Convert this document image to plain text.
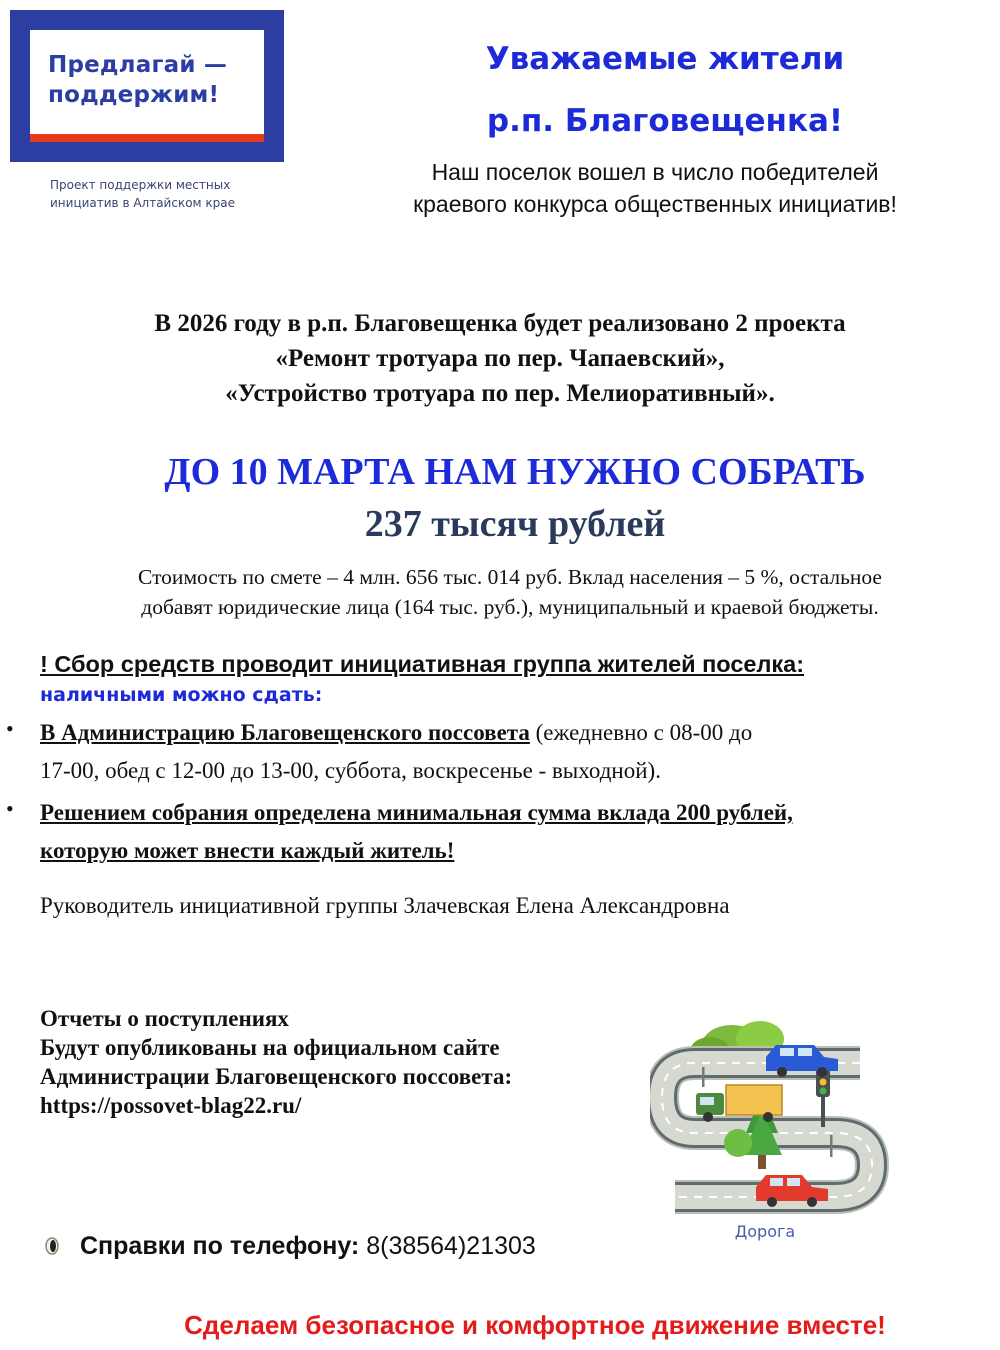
Предлагай —
поддержим!
Проект поддержки местных
инициатив в Алтайском крае
Уважаемые жители
р.п. Благовещенка!
Наш поселок вошел в число победителей
краевого конкурса общественных инициатив!
В 2026 году в р.п. Благовещенка будет реализовано 2 проекта
«Ремонт тротуара по пер. Чапаевский»,
«Устройство тротуара по пер. Мелиоративный».
ДО 10 МАРТА НАМ НУЖНО СОБРАТЬ
237 тысяч рублей
Стоимость по смете – 4 млн. 656 тыс. 014 руб. Вклад населения – 5 %, остальное
добавят юридические лица (164 тыс. руб.), муниципальный и краевой бюджеты.
! Сбор средств проводит инициативная группа жителей поселка:
наличными можно сдать:
• В Администрацию Благовещенского поссовета (ежедневно с 08-00 до
17-00, обед с 12-00 до 13-00, суббота, воскресенье - выходной).
• Решением собрания определена минимальная сумма вклада 200 рублей,
которую может внести каждый житель!
Руководитель инициативной группы Злачевская Елена Александровна
Отчеты о поступлениях
Будут опубликованы на официальном сайте
Администрации Благовещенского поссовета:
https://possovet-blag22.ru/
Дорога
Справки по телефону: 8(38564)21303
Сделаем безопасное и комфортное движение вместе!
